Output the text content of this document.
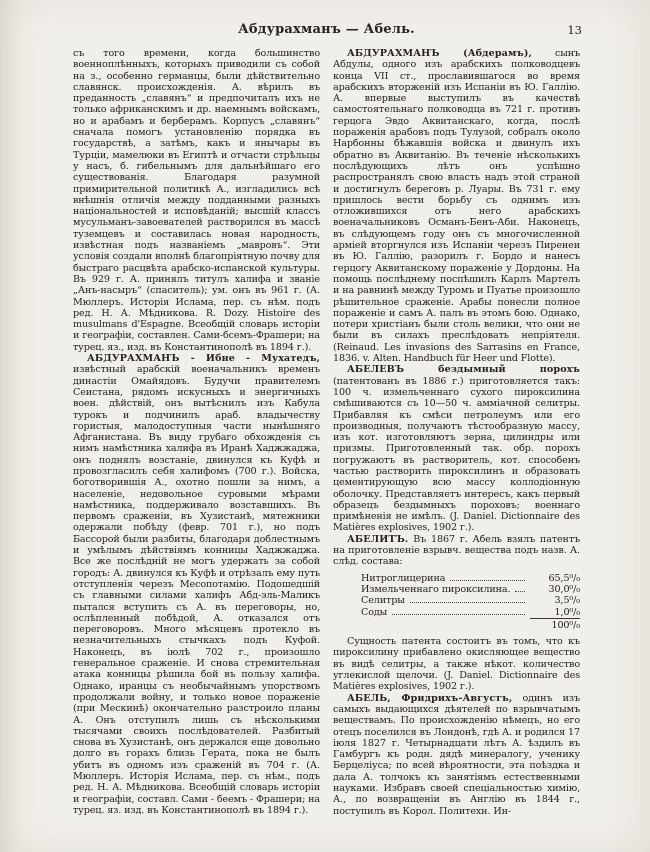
Абдурахманъ — Абель.	13

съ того времени, когда большинство военноплѣнныхъ, которыхъ приводили съ собой на з., особенно германцы, были дѣйствительно славянск. происхожденія. А. вѣрилъ въ преданность „славянъ“ и предпочиталъ ихъ не только африканскимъ и др. наемнымъ войскамъ, но и арабамъ и берберамъ. Корпусъ „славянъ“ сначала помогъ установленію порядка въ государствѣ, а затѣмъ, какъ и янычары въ Турціи, мамелюки въ Египтѣ и отчасти стрѣльцы у насъ, б. гибельнымъ для дальнѣйшаго его существованія. Благодаря разумной примирительной политикѣ А., изгладились всѣ внѣшнія отличія между подданными разныхъ національностей и исповѣданій; высшій классъ мусульманъ-завоевателей растворился въ массѣ туземцевъ и составилась новая народность, извѣстная подъ названіемъ „мавровъ“. Эти условія создали вполнѣ благопріятную почву для быстраго расцвѣта арабско-испанской культуры. Въ 929 г. А. принялъ титулъ халифа и званіе „Анъ-насыръ“ (спаситель); ум. онъ въ 961 г. (А. Мюллеръ. Исторія Ислама, пер. съ нѣм. подъ ред. Н. А. Мѣдникова. R. Dozy. Histoire des musulmans d'Espagne. Всеобщій словарь исторіи и географіи, составлен. Сами-бсемъ-Фрашери; на турец. яз., изд. въ Константинополѣ въ 1894 г.).

АБДУРАХМАНЪ - Ибне - Мухатедъ, извѣстный арабскій военачальникъ временъ династіи Омайядовъ. Будучи правителемъ Сеистана, рядомъ искусныхъ и энергичныхъ воен. дѣйствій, онъ вытѣснилъ изъ Кабула турокъ и подчинилъ араб. владычеству гористыя, малодоступныя части нынѣшняго Афганистана. Въ виду грубаго обхожденія съ нимъ намѣстника халифа въ Иранѣ Хаджжаджа, онъ поднялъ возстаніе, двинулся къ Куфѣ и провозгласилъ себя халифомъ (700 г.). Войска, боготворившія А., охотно пошли за нимъ, а населеніе, недовольное суровыми мѣрами намѣстника, поддерживало возставшихъ. Въ первомъ сраженіи, въ Хузистанѣ, мятежники одержали побѣду (февр. 701 г.), но подъ Бассорой были разбиты, благодаря доблестнымъ и умѣлымъ дѣйствіямъ конницы Хаджжаджа. Все же послѣдній не могъ удержать за собой городъ: А. двинулся къ Куфѣ и отрѣзалъ ему путь отступленія черезъ Месопотамію. Подошедшій съ главными силами халифъ Абд-эль-Маликъ пытался вступить съ А. въ переговоры, но, ослѣпленный побѣдой, А. отказался отъ переговоровъ. Много мѣсяцевъ протекло въ незначительныхъ стычкахъ подъ Куфой. Наконецъ, въ іюлѣ 702 г., произошло генеральное сраженіе. И снова стремительная атака конницы рѣшила бой въ пользу халифа. Однако, иранцы съ необычайнымъ упорствомъ продолжали войну, и только новое пораженіе (при Мескинѣ) окончательно разстроило планы А. Онъ отступилъ лишь съ нѣсколькими тысячами своихъ послѣдователей. Разбитый снова въ Хузистанѣ, онъ держался еще довольно долго въ горахъ близь Герата, пока не былъ убитъ въ одномъ изъ сраженій въ 704 г. (А. Мюллеръ. Исторія Ислама, пер. съ нѣм., подъ ред. Н. А. Мѣдникова. Всеобщій словарь исторіи и географіи, составл. Сами - беемъ - Фрашери; на турец. яз. изд. въ Константинополѣ въ 1894 г.).

АБДУРАХМАНЪ (Абдерамъ), сынъ Абдулы, одного изъ арабскихъ полководцевъ конца VII ст., прославившагося во время арабскихъ вторженій изъ Испаніи въ Ю. Галлію. А. впервые выступилъ въ качествѣ самостоятельнаго полководца въ 721 г. противъ герцога Эвдо Аквитанскаго, когда, послѣ пораженія арабовъ подъ Тулузой, собралъ около Нарбонны бѣжавшія войска и двинулъ ихъ обратно въ Аквитанію. Въ теченіе нѣсколькихъ послѣдующихъ лѣтъ онъ успѣшно распространялъ свою власть надъ этой страной и достигнулъ береговъ р. Луары. Въ 731 г. ему пришлось вести борьбу съ однимъ изъ отложившихся отъ него арабскихъ военачальниковъ Османъ-Бенъ-Аби. Наконецъ, въ слѣдующемъ году онъ съ многочисленной арміей вторгнулся изъ Испаніи черезъ Пиренеи въ Ю. Галлію, разорилъ г. Бордо и нанесъ герцогу Аквитанскому пораженіе у Дордоны. На помощь послѣднему поспѣшилъ Карлъ Мартелъ и на равнинѣ между Туромъ и Пуатье произошло рѣшительное сраженіе. Арабы понесли полное пораженіе и самъ А. палъ въ этомъ бою. Однако, потери христіанъ были столь велики, что они не были въ силахъ преслѣдовать непріятеля. (Reinaud. Les invasions des Sarrasins en France, 1836. v. Alten. Handbuch für Heer und Flotte).

АБЕЛЕВЪ бездымный порохъ (патентованъ въ 1886 г.) приготовляется такъ: 100 ч. измельченнаго сухого пироксилина смѣшиваются съ 10—50 ч. амміачной селитры. Прибавляя къ смѣси петролеумъ или его производныя, получаютъ тѣстообразную массу, изъ кот. изготовляютъ зерна, цилиндры или призмы. Приготовленный так. обр. порохъ погружаютъ въ растворитель, кот. способенъ частью растворить пироксилинъ и образовать цементирующую всю массу коллодіонную оболочку. Представляетъ интересъ, какъ первый образецъ бездымныхъ пороховъ; военнаго примѣненія не имѣлъ. (J. Daniel. Dictionnaire des Matières explosives, 1902 г.).

АБЕЛИТЪ. Въ 1867 г. Абель взялъ патентъ на приготовленіе взрывч. вещества подъ назв. А. слѣд. состава:

Нитроглицерина	65,5⁰/₀
Измельченнаго пироксилина.	30,0⁰/₀
Селитры	3,5⁰/₀
Соды	1,0⁰/₀
100⁰/₀

Сущность патента состоитъ въ томъ, что къ пироксилину прибавлено окисляющее вещество въ видѣ селитры, а также нѣкот. количество углекислой щелочи. (J. Daniel. Dictionnaire des Matières explosives, 1902 г.).

АБЕЛЬ, Фридрихъ-Августъ, одинъ изъ самыхъ выдающихся дѣятелей по взрывчатымъ веществамъ. По происхожденію нѣмецъ, но его отецъ поселился въ Лондонѣ, гдѣ А. и родился 17 іюля 1827 г. Четырнадцати лѣтъ А. ѣздилъ въ Гамбургъ къ родн. дядѣ минералогу, ученику Берцеліуса; по всей вѣроятности, эта поѣздка и дала А. толчокъ къ занятіямъ естественными науками. Избравъ своей спеціальностью химію, А., по возвращеніи въ Англію въ 1844 г., поступилъ въ Корол. Политехн. Ин-
